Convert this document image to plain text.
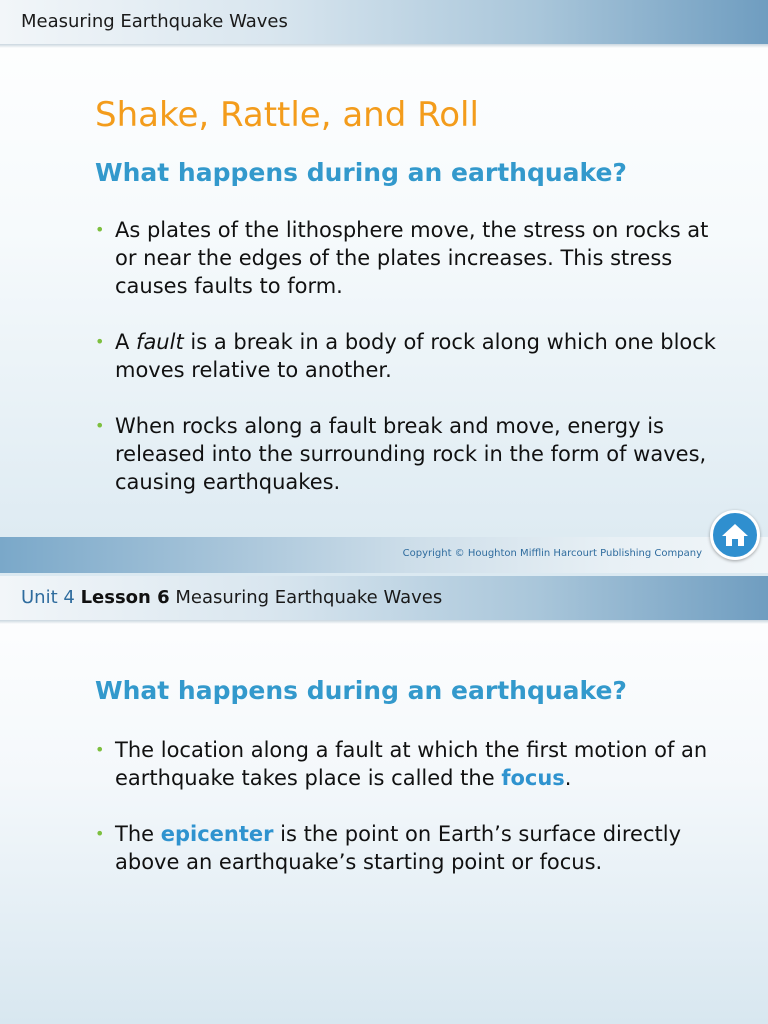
Measuring Earthquake Waves
Shake, Rattle, and Roll
What happens during an earthquake?
• As plates of the lithosphere move, the stress on rocks at or near the edges of the plates increases. This stress causes faults to form.
• A fault is a break in a body of rock along which one block moves relative to another.
• When rocks along a fault break and move, energy is released into the surrounding rock in the form of waves, causing earthquakes.
Copyright © Houghton Mifflin Harcourt Publishing Company
Unit 4 Lesson 6 Measuring Earthquake Waves
What happens during an earthquake?
• The location along a fault at which the first motion of an earthquake takes place is called the focus.
• The epicenter is the point on Earth’s surface directly above an earthquake’s starting point or focus.
